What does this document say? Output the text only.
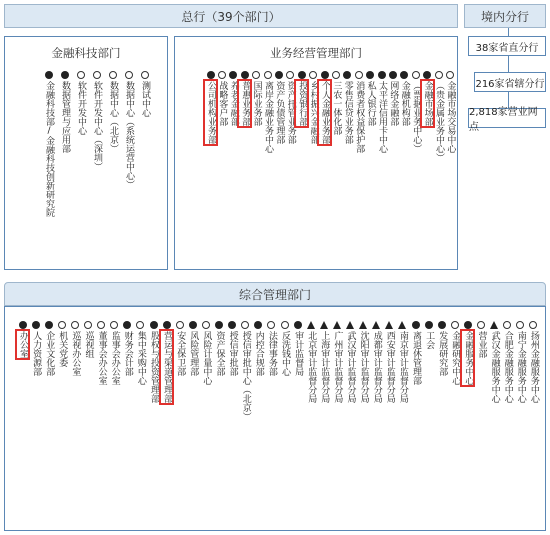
总行（39个部门）	境内分行
金融科技部门
金融科技部/金融科技创新研究院 数据管理与应用部 软件开发中心 软件开发中心（深圳） 数据中心（北京） 数据中心（系统运营中心） 测试中心
业务经营管理部门
公司机构业务部 战略客户部 养老金融部 普惠业务部 国际业务部 离岸金融业务中心 资产负债管理部 资产托管业务部 投资银行部 乡村振兴金融部 个人金融业务部 三农一体化部 零售信贷业务部 消费者权益保护部 私人银行部 太平洋信用卡中心 网络金融部 金融机构部 （票据业务中心） 金融市场部 （贵金属业务中心） 金融市场交易中心
38家省直分行
216家省辖分行
2,818家营业网点
综合管理部门
办公室 人力资源部 企业文化部 机关党委 巡视办公室 巡视组 董事会办公室 监事会办公室 财务会计部 集中采购中心 股权与投资管理部 营运与渠道管理部 安全保卫部 风险管理部 风险计量中心 资产保全部 授信审批部 授信审批中心（北京） 内控合规部 法律事务部 反洗钱中心 审计监督局 北京审计监督分局 上海审计监督分局 广州审计监督分局 武汉审计监督分局 沈阳审计监督分局 成都审计监督分局 西安审计监督分局 南京审计监督分局 离退休管理部 工会 发展研究部 金融研究中心 金融服务中心 营业部 武汉金融服务中心 合肥金融服务中心 南宁金融服务中心 扬州金融服务中心
